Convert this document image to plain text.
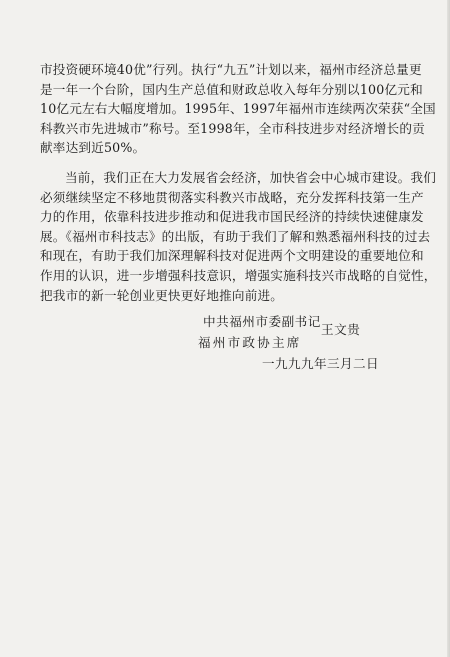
市投资硬环境40优”行列。执行“九五”计划以来，福州市经济总量更
是一年一个台阶，国内生产总值和财政总收入每年分别以100亿元和
10亿元左右大幅度增加。1995年、1997年福州市连续两次荣获“全国
科教兴市先进城市”称号。至1998年，全市科技进步对经济增长的贡
献率达到近50%。
当前，我们正在大力发展省会经济，加快省会中心城市建设。我们
必须继续坚定不移地贯彻落实科教兴市战略，充分发挥科技第一生产
力的作用，依靠科技进步推动和促进我市国民经济的持续快速健康发
展。《福州市科技志》的出版，有助于我们了解和熟悉福州科技的过去
和现在，有助于我们加深理解科技对促进两个文明建设的重要地位和
作用的认识，进一步增强科技意识，增强实施科技兴市战略的自觉性，
把我市的新一轮创业更快更好地推向前进。
中共福州市委副书记
王文贵
福州市政协主席
一九九九年三月二日
